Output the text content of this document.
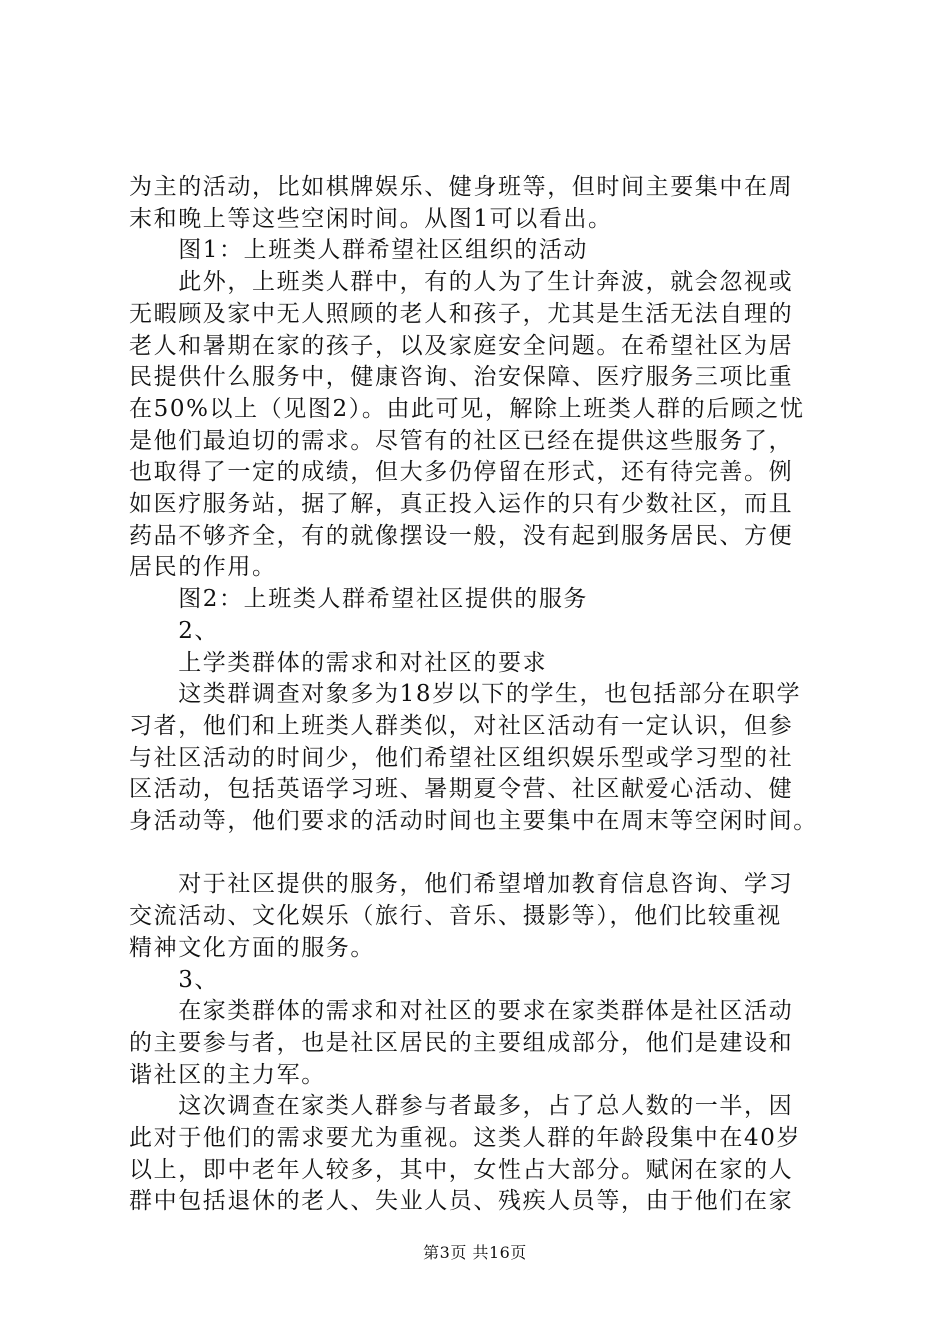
为主的活动，比如棋牌娱乐、健身班等，但时间主要集中在周

末和晚上等这些空闲时间。从图1可以看出。

　　图1：上班类人群希望社区组织的活动

　　此外，上班类人群中，有的人为了生计奔波，就会忽视或

无暇顾及家中无人照顾的老人和孩子，尤其是生活无法自理的

老人和暑期在家的孩子，以及家庭安全问题。在希望社区为居

民提供什么服务中，健康咨询、治安保障、医疗服务三项比重

在50%以上（见图2）。由此可见，解除上班类人群的后顾之忧

是他们最迫切的需求。尽管有的社区已经在提供这些服务了，

也取得了一定的成绩，但大多仍停留在形式，还有待完善。例

如医疗服务站，据了解，真正投入运作的只有少数社区，而且

药品不够齐全，有的就像摆设一般，没有起到服务居民、方便

居民的作用。

　　图2：上班类人群希望社区提供的服务

　　2、

　　上学类群体的需求和对社区的要求

　　这类群调查对象多为18岁以下的学生，也包括部分在职学

习者，他们和上班类人群类似，对社区活动有一定认识，但参

与社区活动的时间少，他们希望社区组织娱乐型或学习型的社

区活动，包括英语学习班、暑期夏令营、社区献爱心活动、健

身活动等，他们要求的活动时间也主要集中在周末等空闲时间。

　　对于社区提供的服务，他们希望增加教育信息咨询、学习

交流活动、文化娱乐（旅行、音乐、摄影等），他们比较重视

精神文化方面的服务。

　　3、

　　在家类群体的需求和对社区的要求在家类群体是社区活动

的主要参与者，也是社区居民的主要组成部分，他们是建设和

谐社区的主力军。

　　这次调查在家类人群参与者最多，占了总人数的一半，因

此对于他们的需求要尤为重视。这类人群的年龄段集中在40岁

以上，即中老年人较多，其中，女性占大部分。赋闲在家的人

群中包括退休的老人、失业人员、残疾人员等，由于他们在家

第3页 共16页
